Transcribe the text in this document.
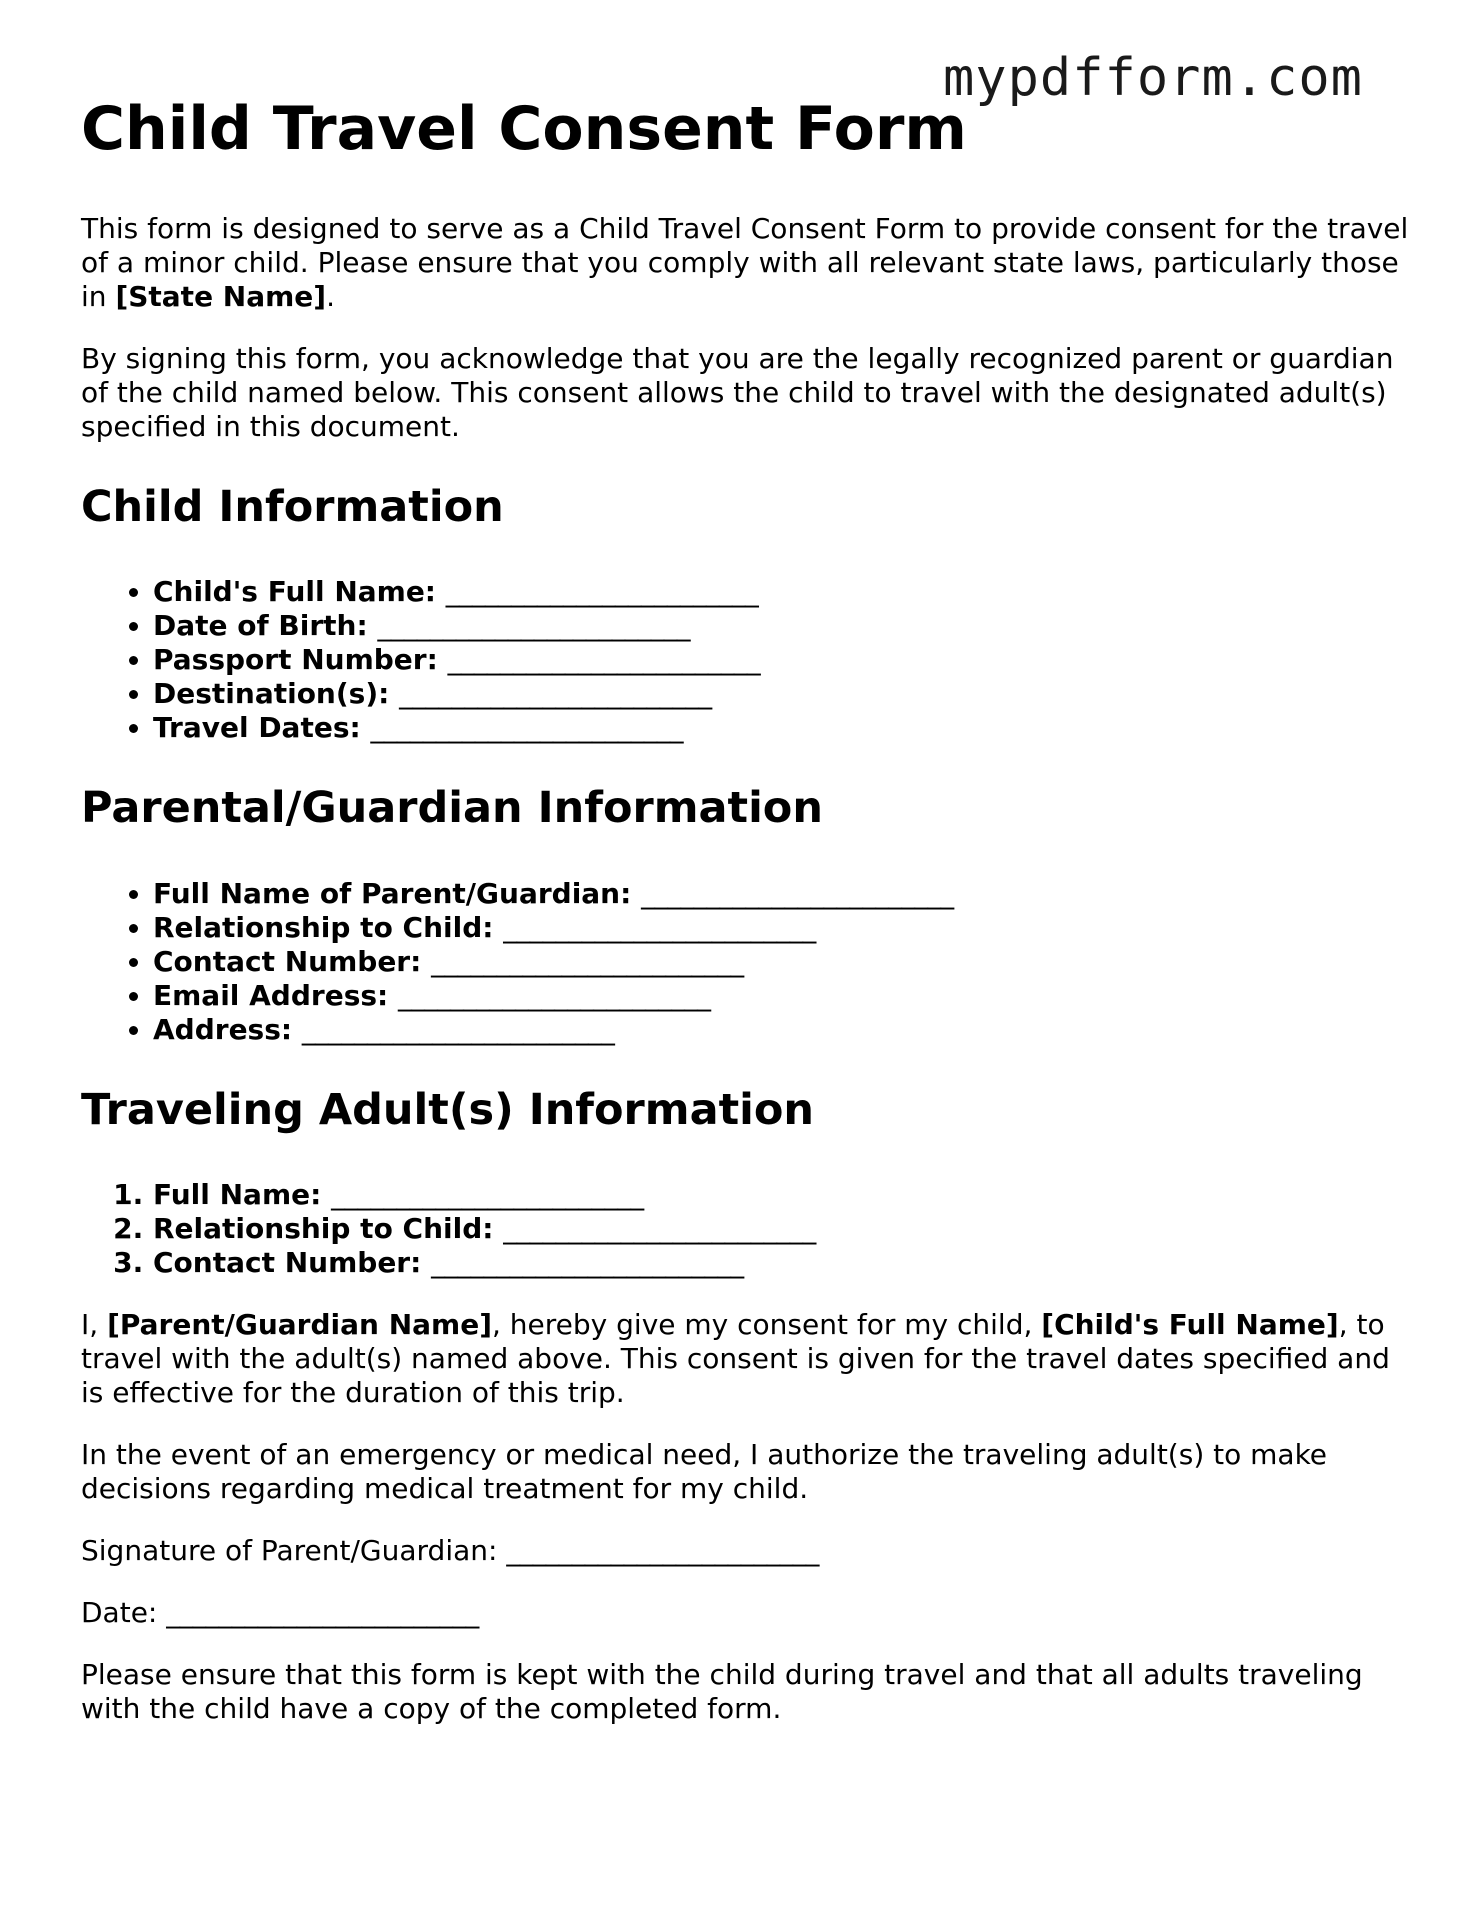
mypdfform.com
Child Travel Consent Form

This form is designed to serve as a Child Travel Consent Form to provide consent for the travel of a minor child. Please ensure that you comply with all relevant state laws, particularly those in [State Name].

By signing this form, you acknowledge that you are the legally recognized parent or guardian of the child named below. This consent allows the child to travel with the designated adult(s) specified in this document.

Child Information
• Child's Full Name: ________________________
• Date of Birth: ________________________
• Passport Number: ________________________
• Destination(s): ________________________
• Travel Dates: ________________________
Parental/Guardian Information
• Full Name of Parent/Guardian: ________________________
• Relationship to Child: ________________________
• Contact Number: ________________________
• Email Address: ________________________
• Address: ________________________
Traveling Adult(s) Information
1. Full Name: ________________________
2. Relationship to Child: ________________________
3. Contact Number: ________________________

I, [Parent/Guardian Name], hereby give my consent for my child, [Child's Full Name], to travel with the adult(s) named above. This consent is given for the travel dates specified and is effective for the duration of this trip.

In the event of an emergency or medical need, I authorize the traveling adult(s) to make decisions regarding medical treatment for my child.

Signature of Parent/Guardian: ________________________

Date: ________________________

Please ensure that this form is kept with the child during travel and that all adults traveling with the child have a copy of the completed form.
